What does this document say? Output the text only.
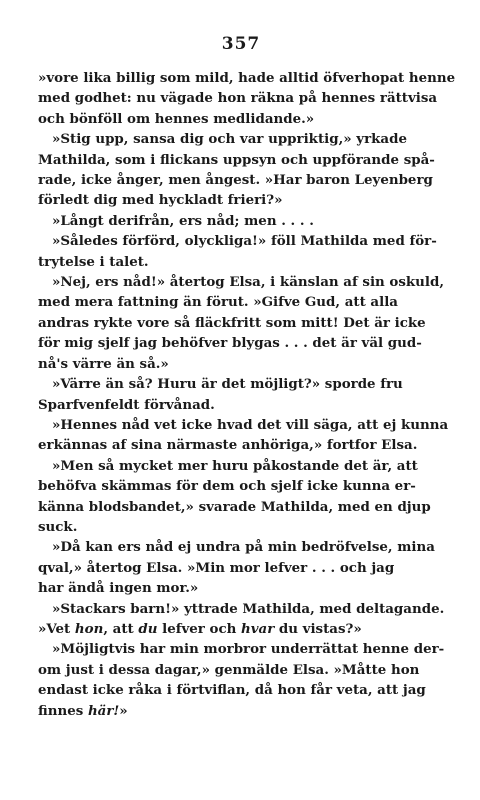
357
»vore lika billig som mild, hade alltid öfverhopat henne
med godhet: nu vägade hon räkna på hennes rättvisa
och bönföll om hennes medlidande.»
»Stig upp, sansa dig och var uppriktig,» yrkade
Mathilda, som i flickans uppsyn och uppförande spå-
rade, icke ånger, men ångest. »Har baron Leyenberg
förledt dig med hyckladt frieri?»
»Långt derifrån, ers nåd; men . . . .
»Således förförd, olyckliga!» föll Mathilda med för-
trytelse i talet.
»Nej, ers nåd!» återtog Elsa, i känslan af sin oskuld,
med mera fattning än förut. »Gifve Gud, att alla
andras rykte vore så fläckfritt som mitt! Det är icke
för mig sjelf jag behöfver blygas . . . det är väl gud-
nå's värre än så.»
»Värre än så? Huru är det möjligt?» sporde fru
Sparfvenfeldt förvånad.
»Hennes nåd vet icke hvad det vill säga, att ej kunna
erkännas af sina närmaste anhöriga,» fortfor Elsa.
»Men så mycket mer huru påkostande det är, att
behöfva skämmas för dem och sjelf icke kunna er-
känna blodsbandet,» svarade Mathilda, med en djup
suck.
»Då kan ers nåd ej undra på min bedröfvelse, mina
qval,» återtog Elsa. »Min mor lefver . . . och jag
har ändå ingen mor.»
»Stackars barn!» yttrade Mathilda, med deltagande.
»Vet hon, att du lefver och hvar du vistas?»
»Möjligtvis har min morbror underrättat henne der-
om just i dessa dagar,» genmälde Elsa. »Måtte hon
endast icke råka i förtviflan, då hon får veta, att jag
finnes här!»
